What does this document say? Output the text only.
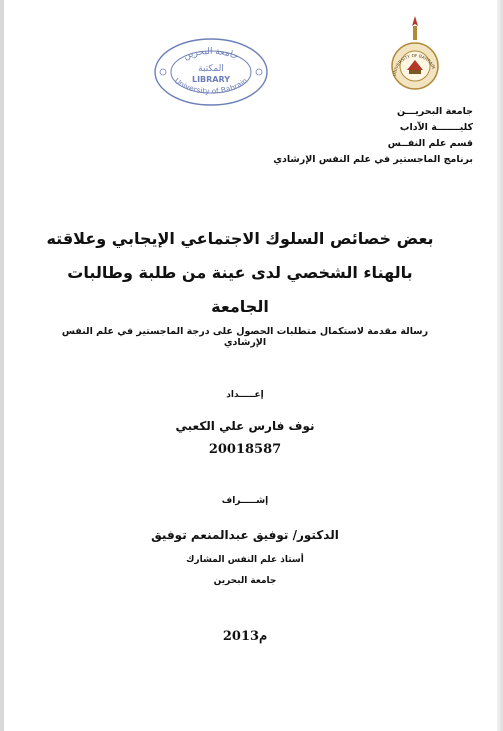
جامعة البحرين
المكتبة
LIBRARY
University of Bahrain
UNIVERSITY OF BAHRAIN
جامعة البحريـــن
كليـــــــة الآداب
قسم علم النفــس
برنامج الماجستير في علم النفس الإرشادي
بعض خصائص السلوك الاجتماعي الإيجابي وعلاقته
بالهناء الشخصي لدى عينة من طلبة وطالبات الجامعة
رسالة مقدمة لاستكمال متطلبات الحصول على درجة الماجستير في علم النفس الإرشادي
إعـــــداد
نوف فارس علي الكعبي
20018587
إشـــــراف
الدكتور/ توفيق عبدالمنعم توفيق
أستاذ علم النفس المشارك
جامعة البحرين
2013م
